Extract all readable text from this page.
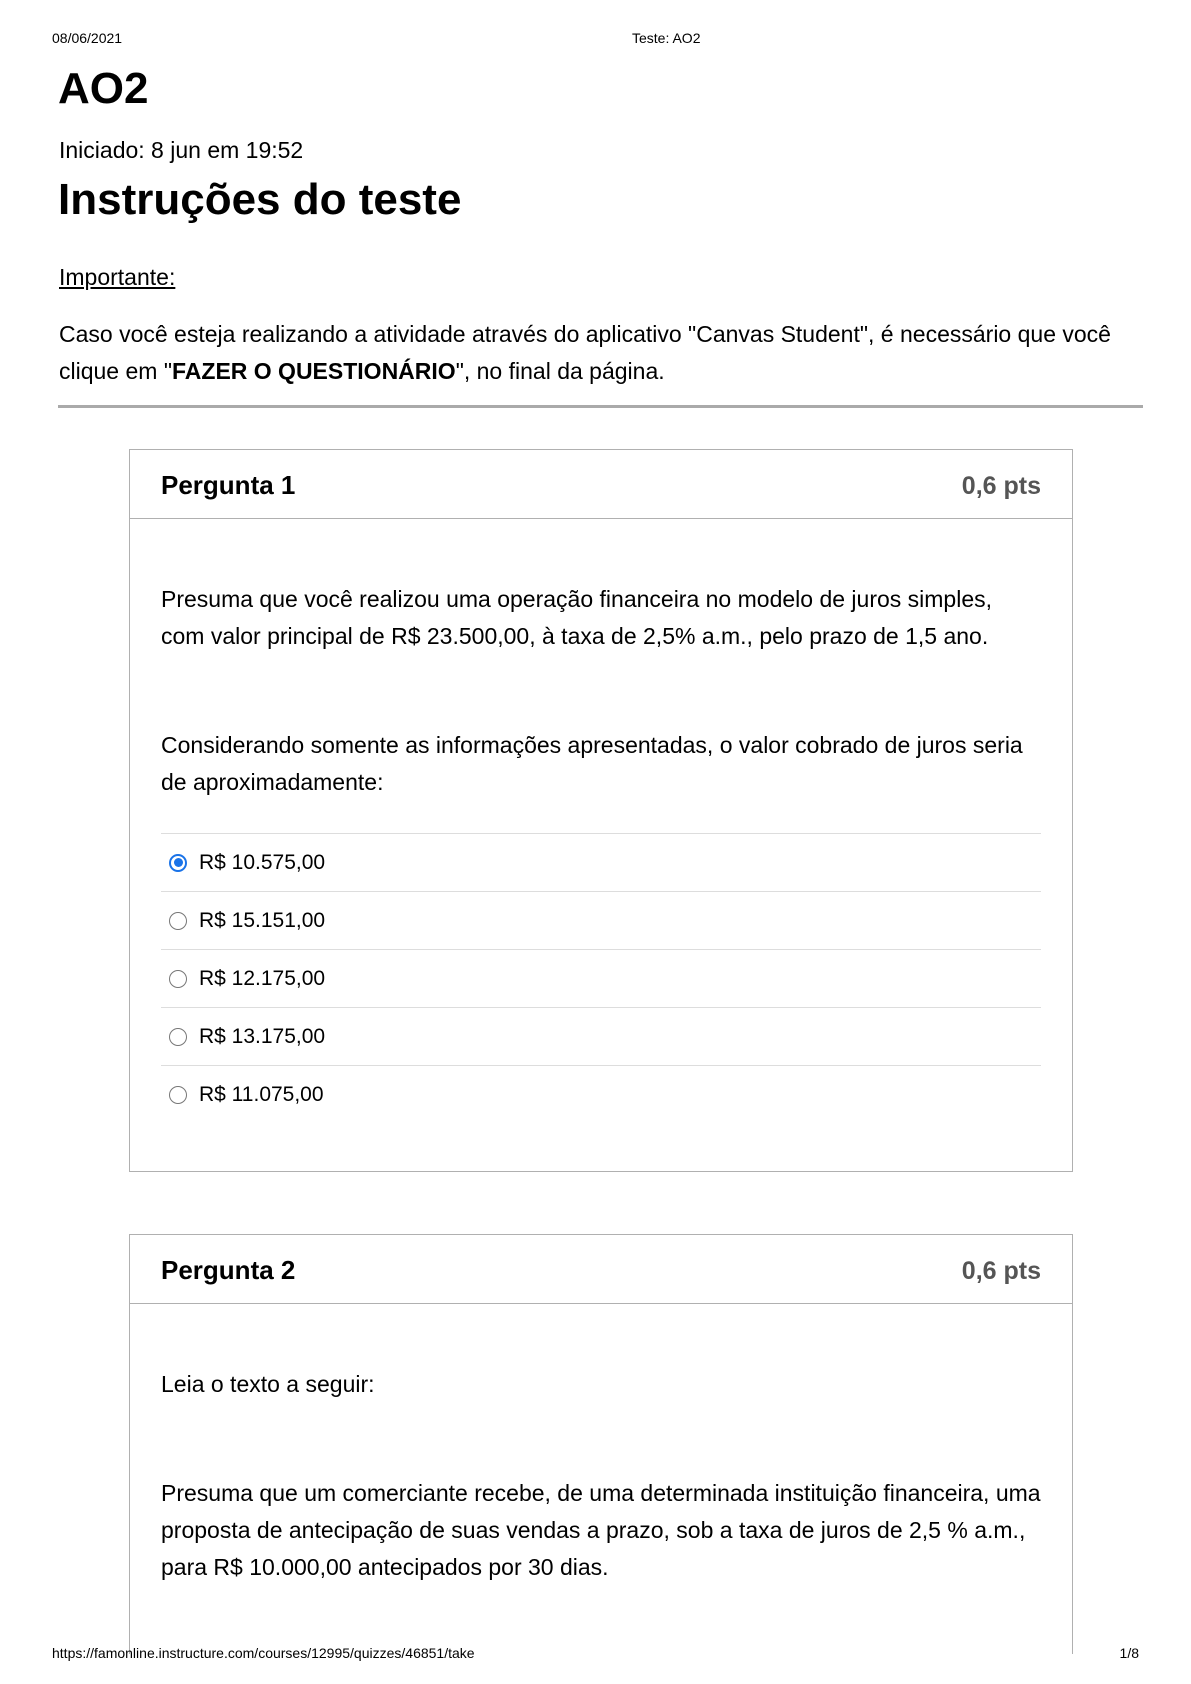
08/06/2021	Teste: AO2
AO2
Iniciado: 8 jun em 19:52
Instruções do teste
Importante:
Caso você esteja realizando a atividade através do aplicativo "Canvas Student", é necessário que você clique em "FAZER O QUESTIONÁRIO", no final da página.
Pergunta 1	0,6 pts

Presuma que você realizou uma operação financeira no modelo de juros simples, com valor principal de R$ 23.500,00, à taxa de 2,5% a.m., pelo prazo de 1,5 ano.

Considerando somente as informações apresentadas, o valor cobrado de juros seria de aproximadamente:

R$ 10.575,00
R$ 15.151,00
R$ 12.175,00
R$ 13.175,00
R$ 11.075,00
Pergunta 2	0,6 pts

Leia o texto a seguir:

Presuma que um comerciante recebe, de uma determinada instituição financeira, uma proposta de antecipação de suas vendas a prazo, sob a taxa de juros de 2,5 % a.m., para R$ 10.000,00 antecipados por 30 dias.

https://famonline.instructure.com/courses/12995/quizzes/46851/take	1/8
